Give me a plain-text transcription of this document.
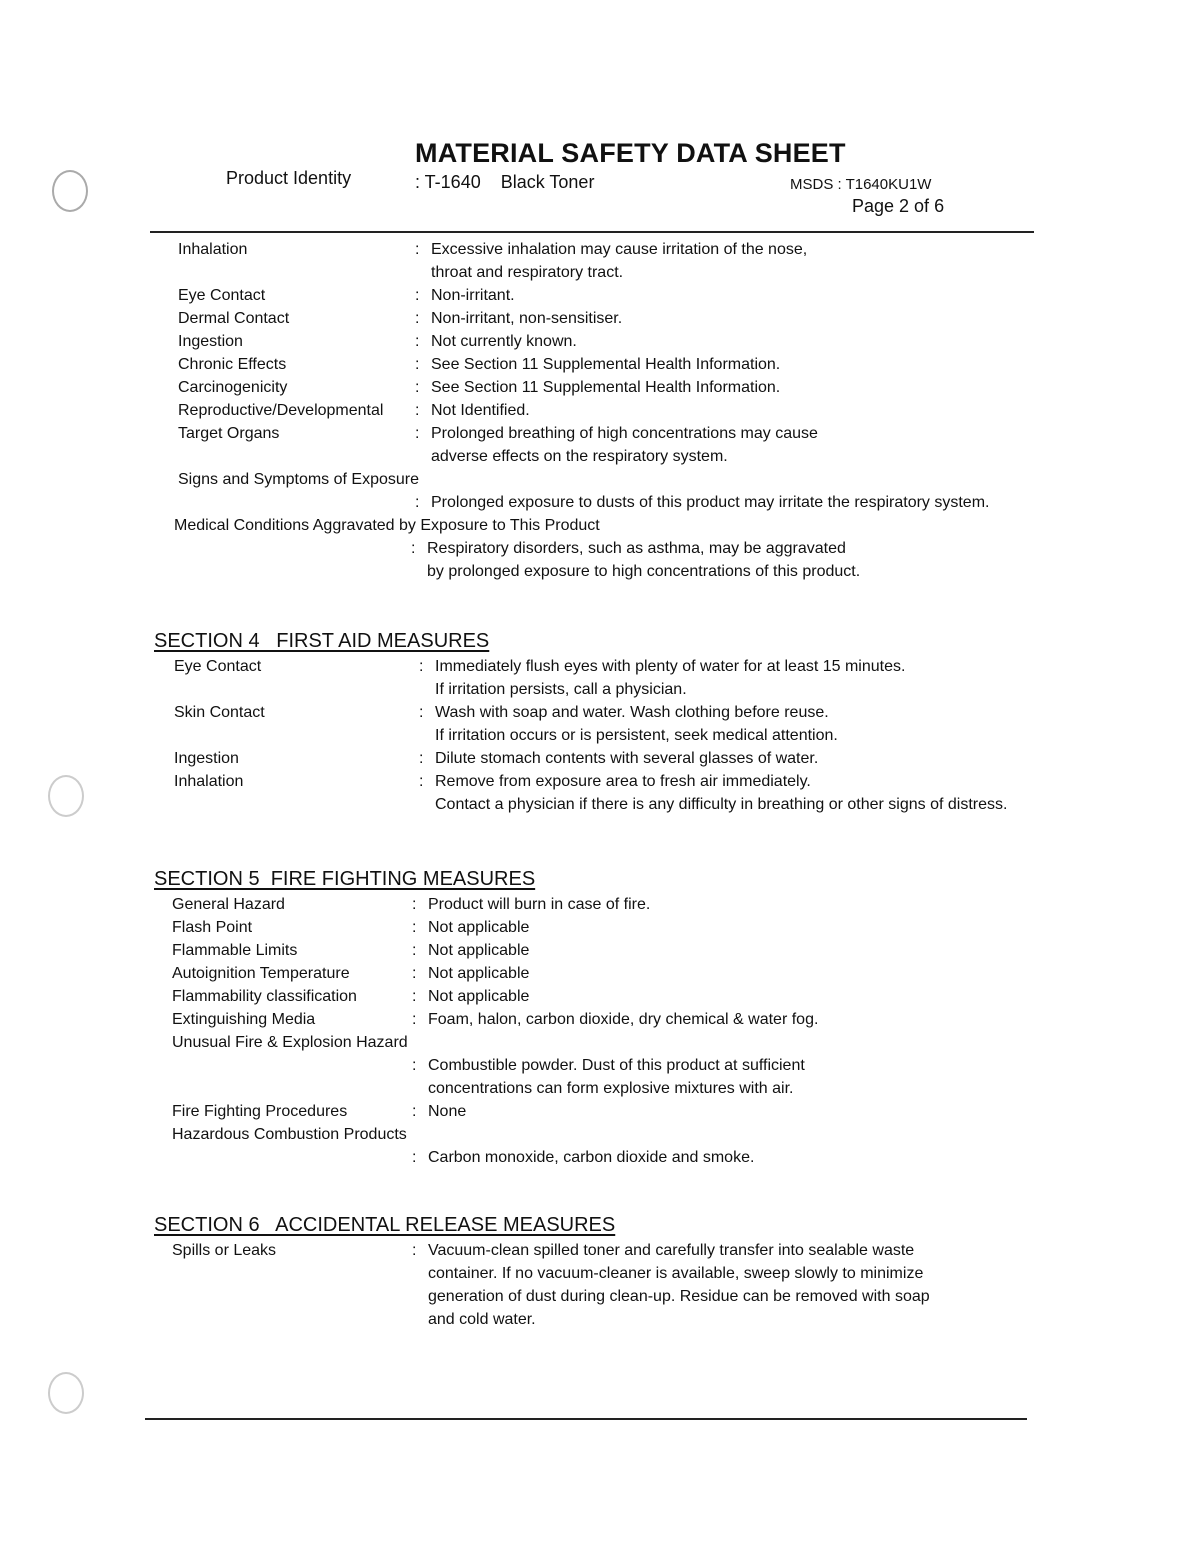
MATERIAL SAFETY DATA SHEET
Product Identity	: T-1640    Black Toner	MSDS : T1640KU1W
Page 2 of 6
Inhalation	: Excessive inhalation may cause irritation of the nose,
throat and respiratory tract.
Eye Contact	: Non-irritant.
Dermal Contact	: Non-irritant, non-sensitiser.
Ingestion	: Not currently known.
Chronic Effects	: See Section 11 Supplemental Health Information.
Carcinogenicity	: See Section 11 Supplemental Health Information.
Reproductive/Developmental	: Not Identified.
Target Organs	: Prolonged breathing of high concentrations may cause
adverse effects on the respiratory system.
Signs and Symptoms of Exposure
: Prolonged exposure to dusts of this product may irritate the respiratory system.
Medical Conditions Aggravated by Exposure to This Product
: Respiratory disorders, such as asthma, may be aggravated
by prolonged exposure to high concentrations of this product.
SECTION 4   FIRST AID MEASURES
Eye Contact	: Immediately flush eyes with plenty of water for at least 15 minutes.
If irritation persists, call a physician.
Skin Contact	: Wash with soap and water. Wash clothing before reuse.
If irritation occurs or is persistent, seek medical attention.
Ingestion	: Dilute stomach contents with several glasses of water.
Inhalation	: Remove from exposure area to fresh air immediately.
Contact a physician if there is any difficulty in breathing or other signs of distress.
SECTION 5  FIRE FIGHTING MEASURES
General Hazard	: Product will burn in case of fire.
Flash Point	: Not applicable
Flammable Limits	: Not applicable
Autoignition Temperature	: Not applicable
Flammability classification	: Not applicable
Extinguishing Media	: Foam, halon, carbon dioxide, dry chemical & water fog.
Unusual Fire & Explosion Hazard
: Combustible powder. Dust of this product at sufficient
concentrations can form explosive mixtures with air.
Fire Fighting Procedures	: None
Hazardous Combustion Products
: Carbon monoxide, carbon dioxide and smoke.
SECTION 6   ACCIDENTAL RELEASE MEASURES
Spills or Leaks	: Vacuum-clean spilled toner and carefully transfer into sealable waste
container. If no vacuum-cleaner is available, sweep slowly to minimize
generation of dust during clean-up. Residue can be removed with soap
and cold water.
